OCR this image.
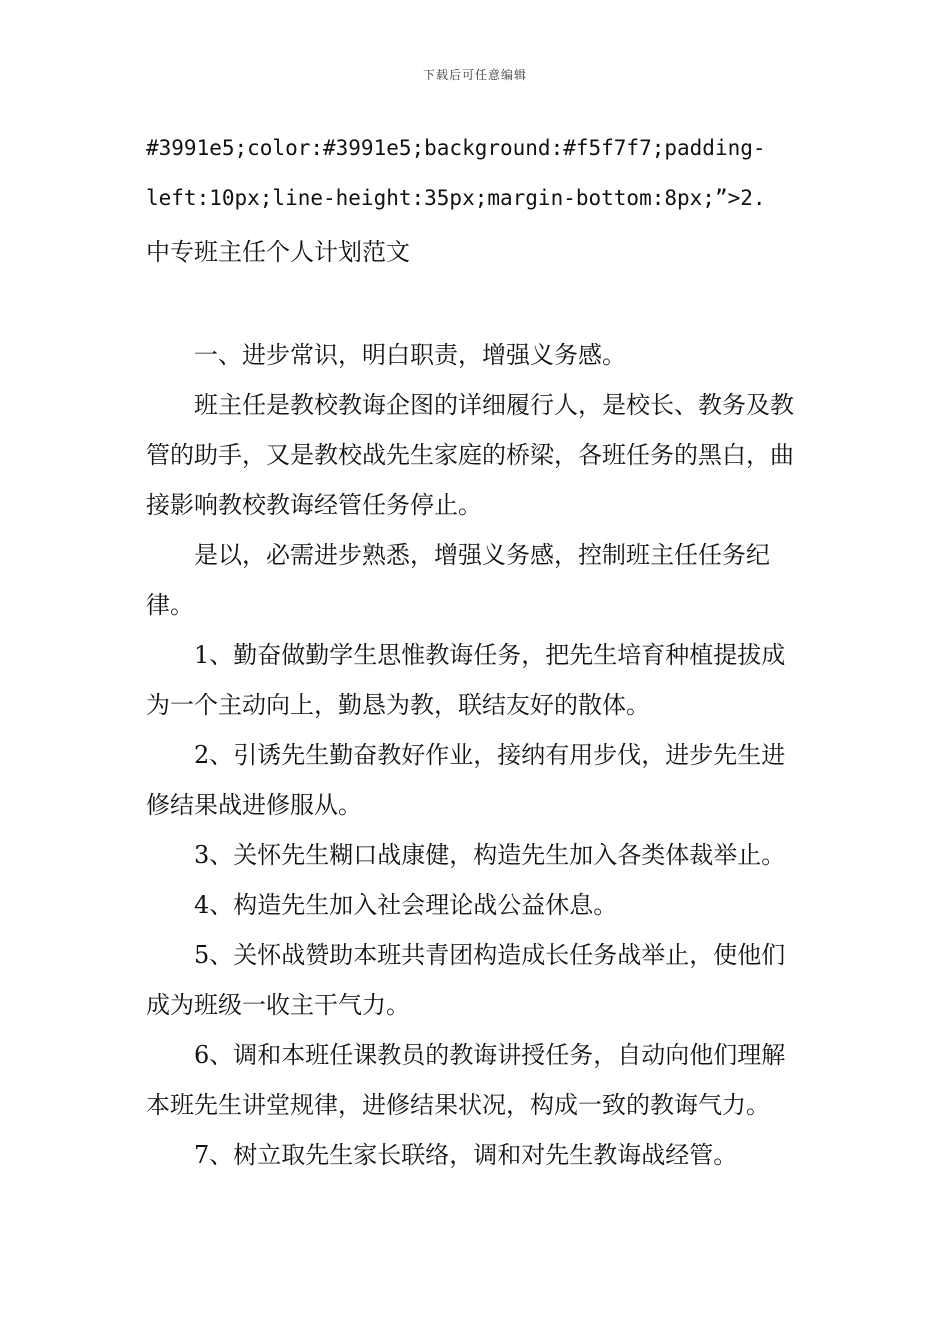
下载后可任意编辑
#3991e5;color:#3991e5;background:#f5f7f7;padding-
left:10px;line-height:35px;margin-bottom:8px;”>2.
中专班主任个人计划范文

一、进步常识，明白职责，增强义务感。

班主任是教校教诲企图的详细履行人，是校长、教务及教管的助手，又是教校战先生家庭的桥梁，各班任务的黑白，曲接影响教校教诲经管任务停止。

是以，必需进步熟悉，增强义务感，控制班主任任务纪律。

1、勤奋做勤学生思惟教诲任务，把先生培育种植提拔成为一个主动向上，勤恳为教，联结友好的散体。

2、引诱先生勤奋教好作业，接纳有用步伐，进步先生进修结果战进修服从。

3、关怀先生糊口战康健，构造先生加入各类体裁举止。

4、构造先生加入社会理论战公益休息。

5、关怀战赞助本班共青团构造成长任务战举止，使他们成为班级一收主干气力。

6、调和本班任课教员的教诲讲授任务，自动向他们理解本班先生讲堂规律，进修结果状况，构成一致的教诲气力。

7、树立取先生家长联络，调和对先生教诲战经管。
